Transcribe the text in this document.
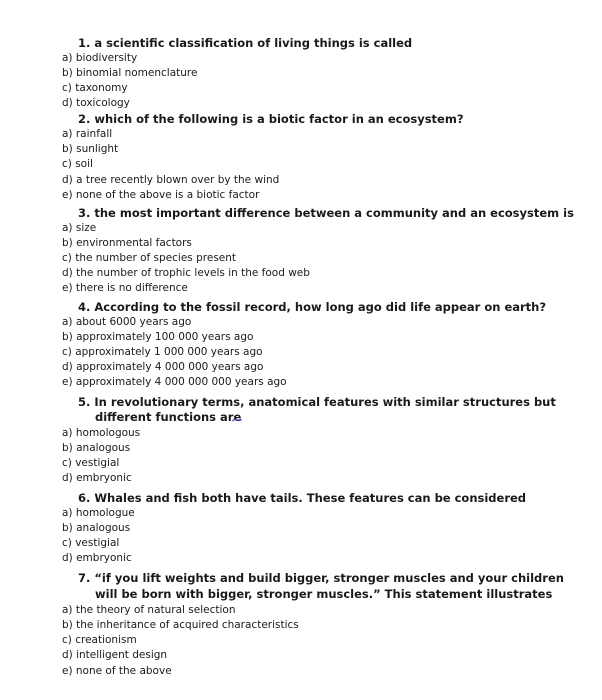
1. a scientific classification of living things is called
a) biodiversity
b) binomial nomenclature
c) taxonomy
d) toxicology
2. which of the following is a biotic factor in an ecosystem?
a) rainfall
b) sunlight
c) soil
d) a tree recently blown over by the wind
e) none of the above is a biotic factor
3. the most important difference between a community and an ecosystem is
a) size
b) environmental factors
c) the number of species present
d) the number of trophic levels in the food web
e) there is no difference
4. According to the fossil record, how long ago did life appear on earth?
a) about 6000 years ago
b) approximately 100 000 years ago
c) approximately 1 000 000 years ago
d) approximately 4 000 000 years ago
e) approximately 4 000 000 000 years ago
5. In revolutionary terms, anatomical features with similar structures but
different functions are
a) homologous
b) analogous
c) vestigial
d) embryonic
6. Whales and fish both have tails. These features can be considered
a) homologue
b) analogous
c) vestigial
d) embryonic
7. “if you lift weights and build bigger, stronger muscles and your children
will be born with bigger, stronger muscles.” This statement illustrates
a) the theory of natural selection
b) the inheritance of acquired characteristics
c) creationism
d) intelligent design
e) none of the above
